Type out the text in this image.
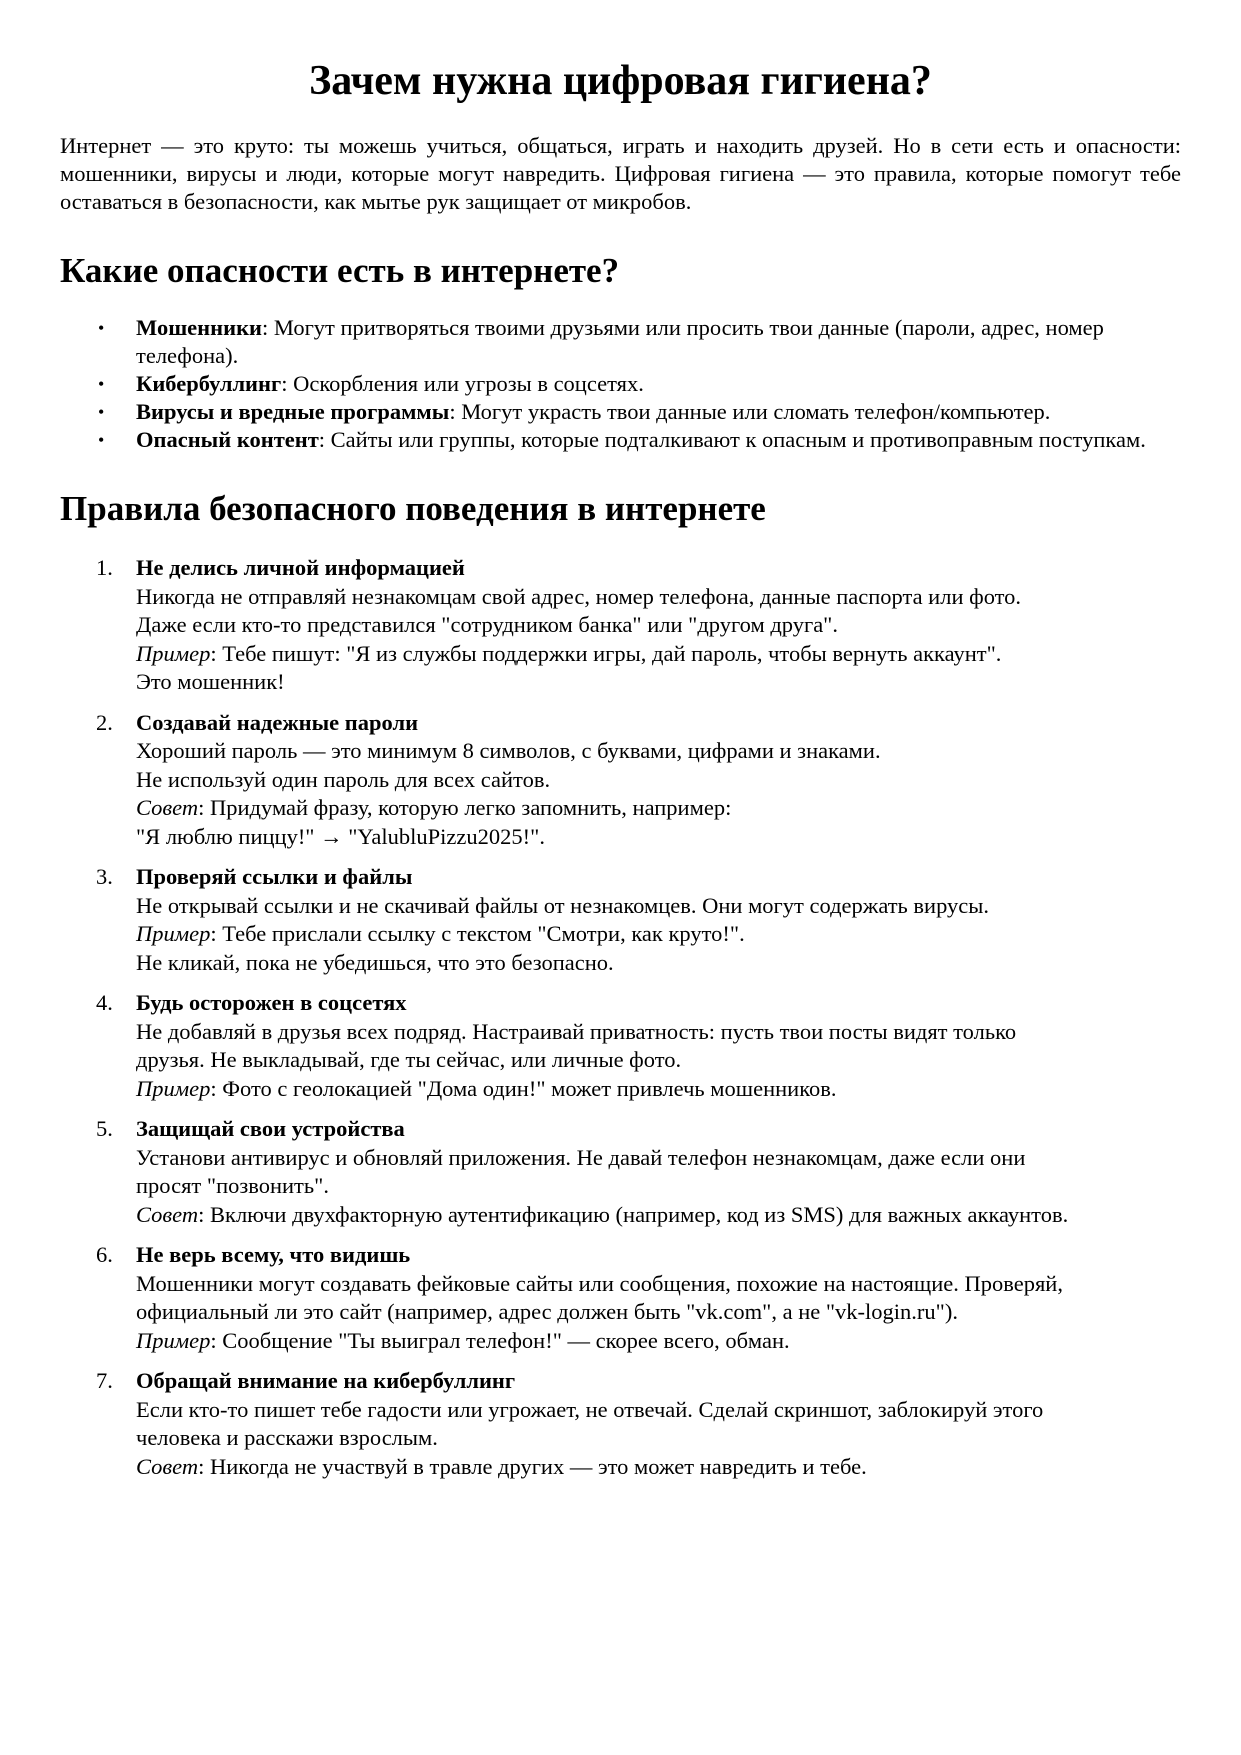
Зачем нужна цифровая гигиена?

Интернет — это круто: ты можешь учиться, общаться, играть и находить друзей. Но в сети есть и опасности: мошенники, вирусы и люди, которые могут навредить. Цифровая гигиена — это правила, которые помогут тебе оставаться в безопасности, как мытье рук защищает от микробов.

Какие опасности есть в интернете?
• Мошенники: Могут притворяться твоими друзьями или просить твои данные (пароли, адрес, номер телефона).
• Кибербуллинг: Оскорбления или угрозы в соцсетях.
• Вирусы и вредные программы: Могут украсть твои данные или сломать телефон/компьютер.
• Опасный контент: Сайты или группы, которые подталкивают к опасным и противоправным поступкам.
Правила безопасного поведения в интернете
1. Не делись личной информацией
Никогда не отправляй незнакомцам свой адрес, номер телефона, данные паспорта или фото.
Даже если кто-то представился "сотрудником банка" или "другом друга".
Пример: Тебе пишут: "Я из службы поддержки игры, дай пароль, чтобы вернуть аккаунт".
Это мошенник!
2. Создавай надежные пароли
Хороший пароль — это минимум 8 символов, с буквами, цифрами и знаками.
Не используй один пароль для всех сайтов.
Совет: Придумай фразу, которую легко запомнить, например:
"Я люблю пиццу!" → "YalubluPizzu2025!".
3. Проверяй ссылки и файлы
Не открывай ссылки и не скачивай файлы от незнакомцев. Они могут содержать вирусы.
Пример: Тебе прислали ссылку с текстом "Смотри, как круто!".
Не кликай, пока не убедишься, что это безопасно.
4. Будь осторожен в соцсетях
Не добавляй в друзья всех подряд. Настраивай приватность: пусть твои посты видят только
друзья. Не выкладывай, где ты сейчас, или личные фото.
Пример: Фото с геолокацией "Дома один!" может привлечь мошенников.
5. Защищай свои устройства
Установи антивирус и обновляй приложения. Не давай телефон незнакомцам, даже если они
просят "позвонить".
Совет: Включи двухфакторную аутентификацию (например, код из SMS) для важных аккаунтов.
6. Не верь всему, что видишь
Мошенники могут создавать фейковые сайты или сообщения, похожие на настоящие. Проверяй,
официальный ли это сайт (например, адрес должен быть "vk.com", а не "vk-login.ru").
Пример: Сообщение "Ты выиграл телефон!" — скорее всего, обман.
7. Обращай внимание на кибербуллинг
Если кто-то пишет тебе гадости или угрожает, не отвечай. Сделай скриншот, заблокируй этого
человека и расскажи взрослым.
Совет: Никогда не участвуй в травле других — это может навредить и тебе.
